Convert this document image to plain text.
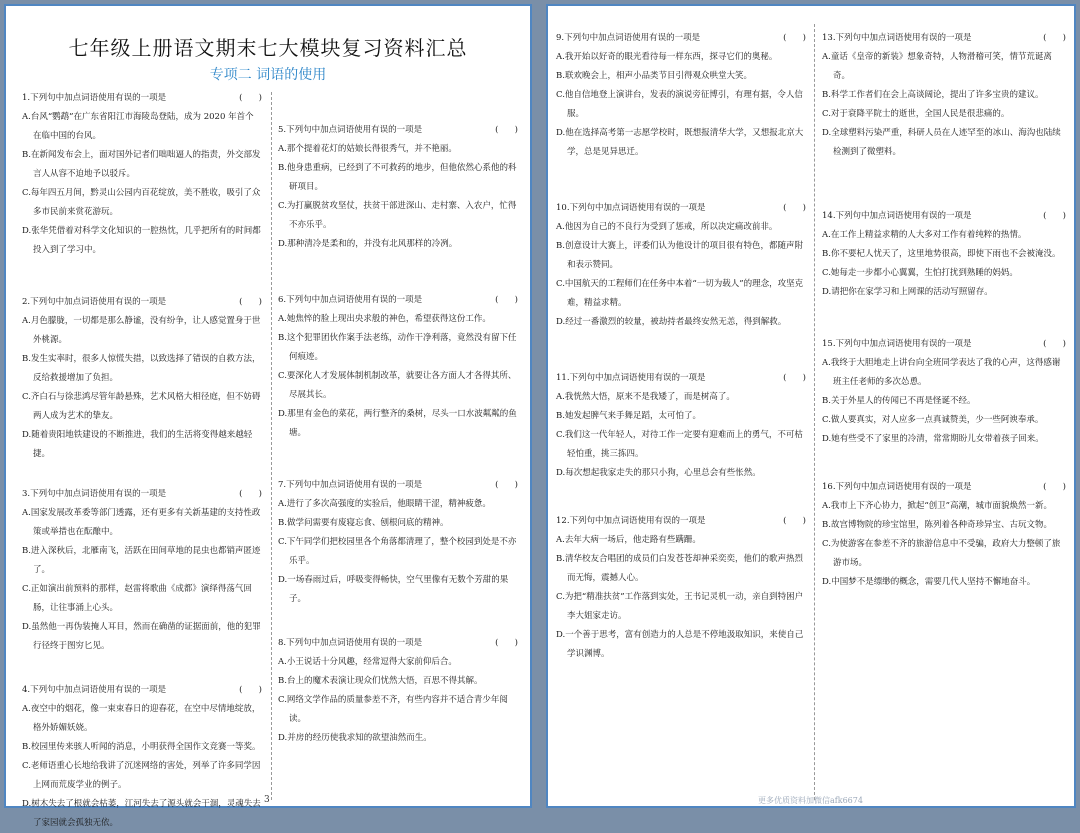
七年级上册语文期末七大模块复习资料汇总
专项二 词语的使用
1.下列句中加点词语使用有误的一项是	(      )
A.台风“鹦鹉”在广东省阳江市海陵岛登陆，成为 2020 年首个在临中国的台风。
B.在新闻发布会上，面对国外记者们咄咄逼人的指责，外交部发言人从容不迫地予以驳斥。
C.每年四五月间，黔灵山公园内百花绽放，美不胜收，吸引了众多市民前来赏花游玩。
D.张华凭借着对科学文化知识的一腔热忱，几乎把所有的时间都投入到了学习中。
2.下列句中加点词语使用有误的一项是	(      )
A.月色朦胧，一切都是那么静谧，没有纷争，让人感觉置身于世外桃源。
B.发生实率时，很多人惊慌失措，以致选择了错误的自救方法，反给救援增加了负担。
C.齐白石与徐悲鸿尽管年龄悬殊，艺术风格大相径庭，但不妨碍两人成为艺术的挚友。
D.随着贵阳地铁建设的不断推进，我们的生活将变得越来越轻捷。
3.下列句中加点词语使用有误的一项是	(      )
A.国家发展改革委等部门透露，还有更多有关新基建的支持性政策或举措也在酝酿中。
B.进入深秋后，北雁南飞，活跃在田间草地的昆虫也都销声匿迹了。
C.正如演出前预料的那样，赵雷将歌曲《成都》演绎得荡气回肠，让往事涌上心头。
D.虽然他一再伪装掩人耳目，然而在确凿的证据面前，他的犯罪行径终于图穷匕见。
4.下列句中加点词语使用有误的一项是	(      )
A.夜空中的烟花，像一束束春日的迎春花，在空中尽情地绽放，格外娇媚妖娆。
B.校园里传来骇人听闻的消息，小明获得全国作文竞赛一等奖。
C.老师语重心长地给我讲了沉迷网络的害处，列举了许多同学因上网而荒废学业的例子。
D.树木失去了根就会枯萎，江河失去了源头就会干涸，灵魂失去了家园就会孤独无依。
5.下列句中加点词语使用有误的一项是	(      )
A.那个提着花灯的姑娘长得很秀气，并不艳丽。
B.他身患重病，已经到了不可救药的地步，但他依然心系他的科研项目。
C.为打赢脱贫攻坚仗，扶贫干部进深山、走村寨、入农户，忙得不亦乐乎。
D.那种清冷是柔和的，并没有北风那样的冷冽。
6.下列句中加点词语使用有误的一项是	(      )
A.她焦悴的脸上现出央求般的神色，希望获得这份工作。
B.这个犯罪团伙作案手法老练，动作干净利落，竟然没有留下任何痕迹。
C.要深化人才发展体制机制改革，就要让各方面人才各得其所、尽展其长。
D.那里有金色的菜花，两行整齐的桑树，尽头一口水波粼粼的鱼塘。
7.下列句中加点词语使用有误的一项是	(      )
A.进行了多次高强度的实验后，他眼睛干涩，精神疲惫。
B.做学问需要有废寝忘食、刨根问底的精神。
C.下午同学们把校园里各个角落都清理了，整个校园到处是不亦乐乎。
D.一场春雨过后，呼吸变得畅快，空气里像有无数个芳甜的果子。
8.下列句中加点词语使用有误的一项是	(      )
A.小王说话十分风趣，经常逗得大家前仰后合。
B.台上的魔术表演让现众们忧然大悟，百思不得其解。
C.网络文学作品的质量参差不齐，有些内容并不适合青少年阅读。
D.并房的经历使我求知的欲望油然而生。
3
9.下列句中加点词语使用有误的一项是	(      )
A.我开始以好奇的眼光看待每一样东西，探寻它们的奥秘。
B.联欢晚会上，相声小品类节目引得观众哄堂大笑。
C.他自信地登上演讲台，发表的演说旁征博引，有理有据，令人信服。
D.他在选择高考第一志愿学校时，既想报清华大学，又想报北京大学，总是见异思迁。
10.下列句中加点词语使用有误的一项是	(      )
A.他因为自己的不良行为受到了惩戒，所以决定痛改前非。
B.创意设计大赛上，评委们认为他设计的项目很有特色，都随声附和表示赞同。
C.中国航天的工程师们在任务中本着“一切为载人”的理念，攻坚克难，精益求精。
D.经过一番激烈的较量，被劫持者最终安然无恙，得到解救。
11.下列句中加点词语使用有误的一项是	(      )
A.我恍然大悟，原来不是我矮了，而是树高了。
B.她发起脾气来手舞足蹈，太可怕了。
C.我们这一代年轻人，对待工作一定要有迎难而上的勇气，不可枯轻怕重，挑三拣四。
D.每次想起我家走失的那只小狗，心里总会有些怅然。
12.下列句中加点词语使用有误的一项是	(      )
A.去年大病一场后，他走路有些蹒跚。
B.清华校友合唱团的成员们白发苍苍却神采奕奕，他们的歌声热烈而无悔，震撼人心。
C.为把“精准扶贫”工作落到实处，王书记灵机一动，亲自到特困户李大姐家走访。
D.一个善于思考，富有创造力的人总是不停地汲取知识，来使自己学识渊博。
13.下列句中加点词语使用有误的一项是	(      )
A.童话《皇帝的新装》想象奇特，人物滑稽可笑，情节荒诞离奇。
B.科学工作者们在会上高谈阔论，提出了许多宝贵的建议。
C.对于衰降平院士的逝世，全国人民是很悲痛的。
D.全球塑料污染严重，科研人员在人迹罕至的冰山、海沟也陆续检测到了微塑料。
14.下列句中加点词语使用有误的一项是	(      )
A.在工作上精益求精的人大多对工作有着纯粹的热情。
B.你不要杞人忧天了，这里地势很高，即使下雨也不会被淹没。
C.她每走一步都小心翼翼，生怕打扰到熟睡的妈妈。
D.请把你在家学习和上网课的活动写照留存。
15.下列句中加点词语使用有误的一项是	(      )
A.我终于大胆地走上讲台向全班同学表达了我的心声，这得感谢班主任老师的多次怂恿。
B.关于外星人的传闻已不再是怪诞不经。
C.做人要真实，对人应多一点真诚赞美，少一些阿谀奉承。
D.她有些受不了家里的冷清，常常期盼儿女带着孩子回来。
16.下列句中加点词语使用有误的一项是	(      )
A.我市上下齐心协力，掀起“创卫”高潮，城市面貌焕然一新。
B.故宫博物院的珍宝馆里，陈列着各种奇珍异宝、古玩文物。
C.为使游客在参差不齐的旅游信息中不受骗，政府大力整顿了旅游市场。
D.中国梦不是缥缈的概念，需要几代人坚持不懈地奋斗。
更多优质资料加微信afk6674
